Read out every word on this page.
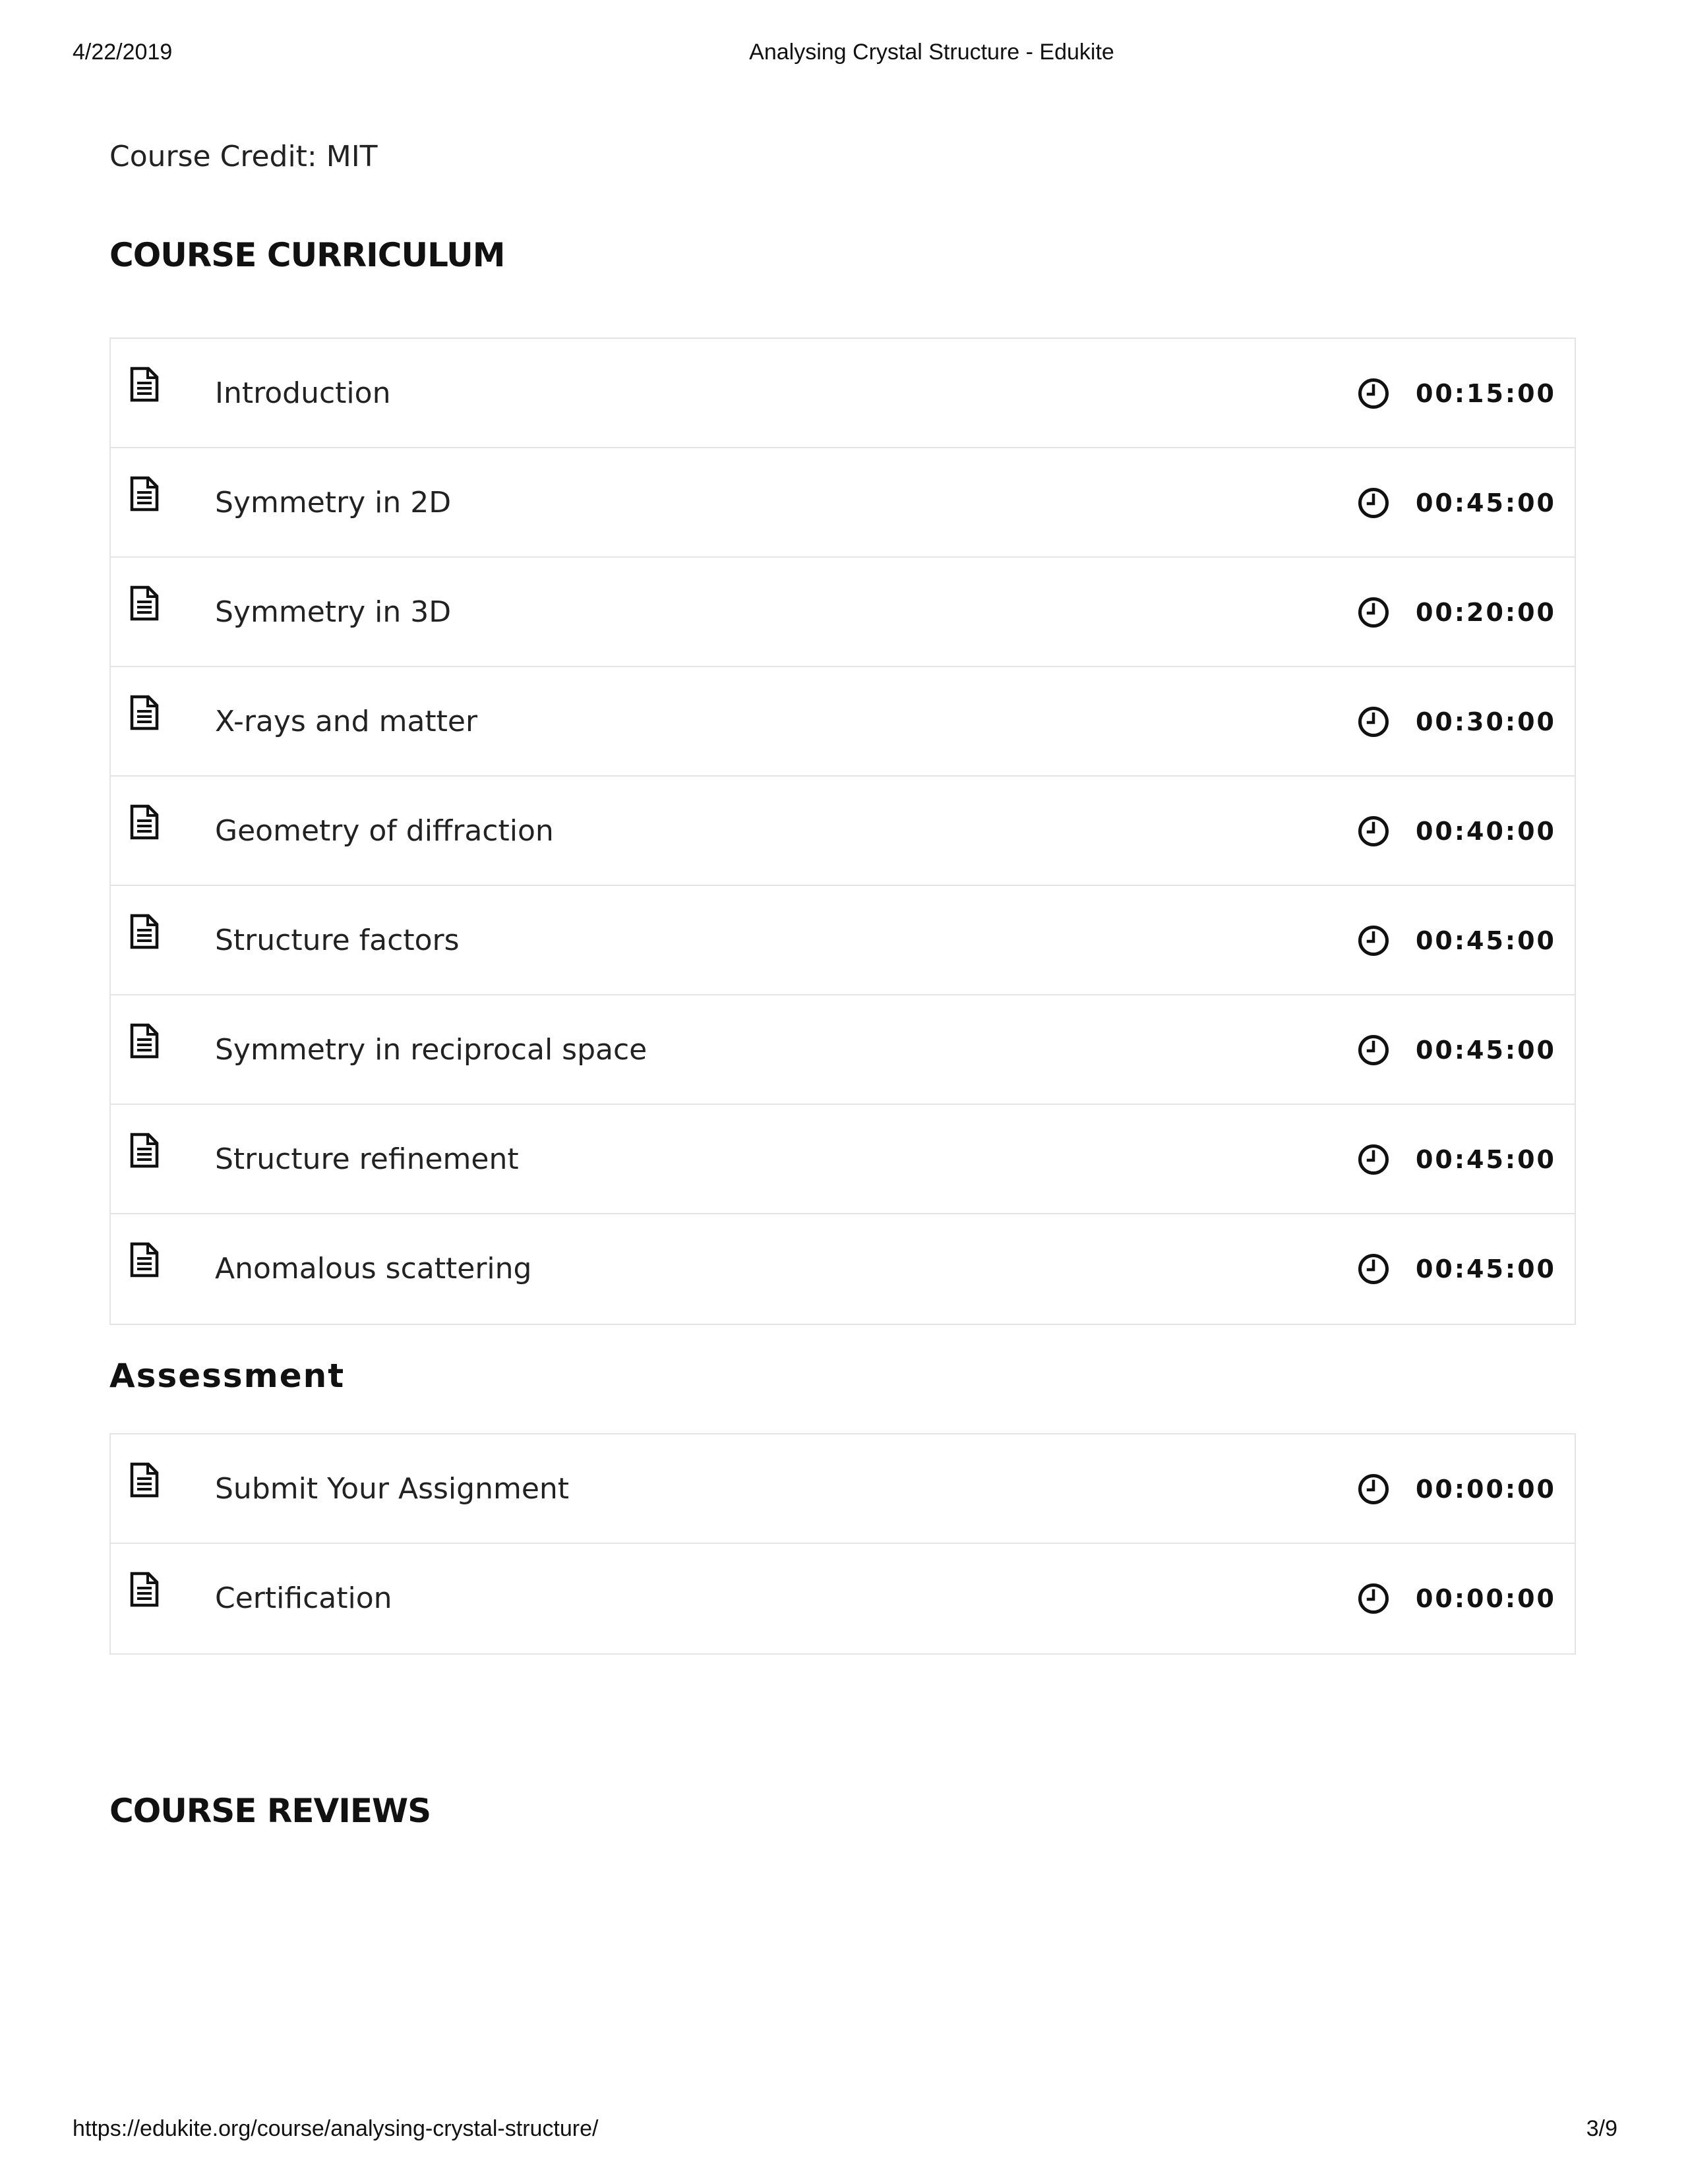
4/22/2019	Analysing Crystal Structure - Edukite
Course Credit: MIT
COURSE CURRICULUM
Introduction	00:15:00
Symmetry in 2D	00:45:00
Symmetry in 3D	00:20:00
X-rays and matter	00:30:00
Geometry of diffraction	00:40:00
Structure factors	00:45:00
Symmetry in reciprocal space	00:45:00
Structure refinement	00:45:00
Anomalous scattering	00:45:00
Assessment
Submit Your Assignment	00:00:00
Certification	00:00:00
COURSE REVIEWS
https://edukite.org/course/analysing-crystal-structure/	3/9
